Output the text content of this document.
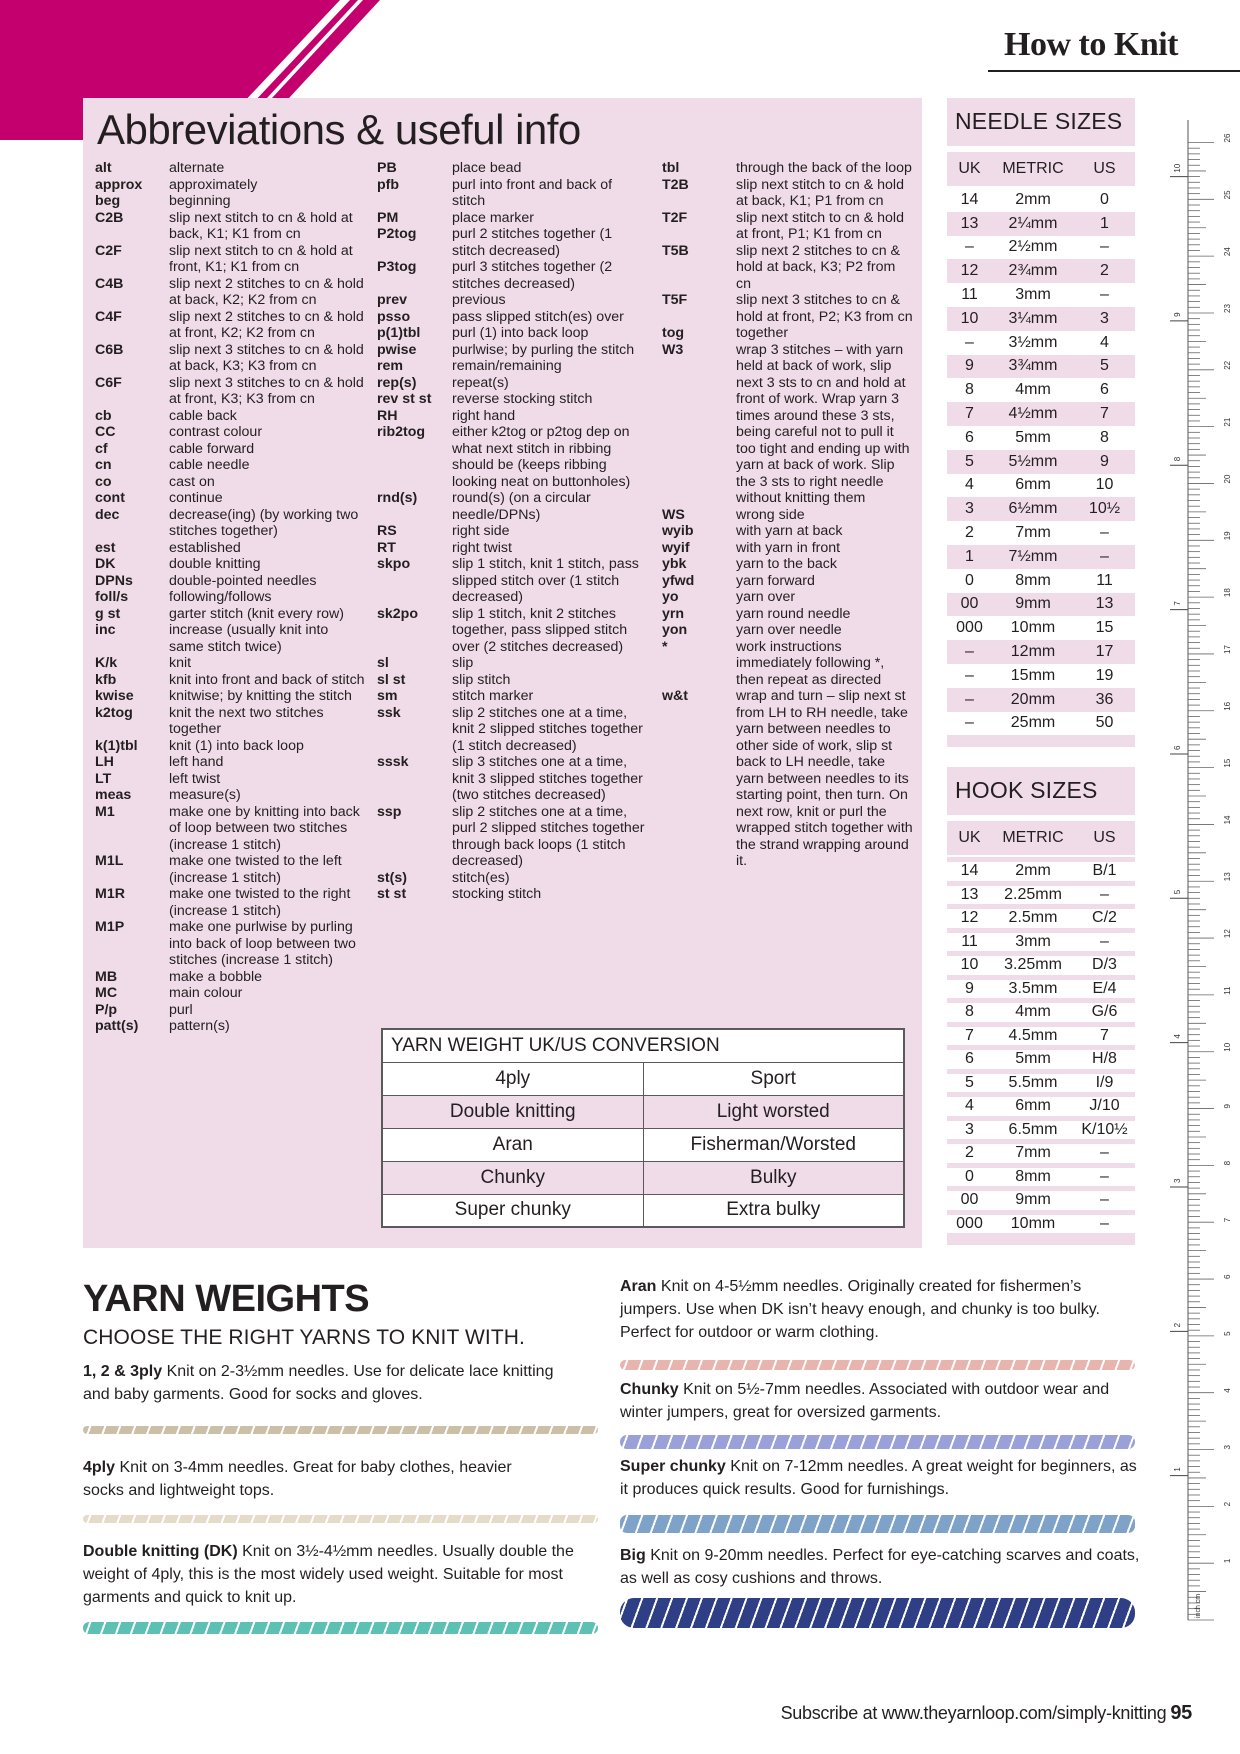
How to Knit
Abbreviations & useful info
alt	alternate
approx	approximately
beg	beginning
C2B	slip next stitch to cn & hold at back, K1; K1 from cn
C2F	slip next stitch to cn & hold at front, K1; K1 from cn
C4B	slip next 2 stitches to cn & hold at back, K2; K2 from cn
C4F	slip next 2 stitches to cn & hold at front, K2; K2 from cn
C6B	slip next 3 stitches to cn & hold at back, K3; K3 from cn
C6F	slip next 3 stitches to cn & hold at front, K3; K3 from cn
cb	cable back
CC	contrast colour
cf	cable forward
cn	cable needle
co	cast on
cont	continue
dec	decrease(ing) (by working two stitches together)
est	established
DK	double knitting
DPNs	double-pointed needles
foll/s	following/follows
g st	garter stitch (knit every row)
inc	increase (usually knit into same stitch twice)
K/k	knit
kfb	knit into front and back of stitch
kwise	knitwise; by knitting the stitch
k2tog	knit the next two stitches together
k(1)tbl	knit (1) into back loop
LH	left hand
LT	left twist
meas	measure(s)
M1	make one by knitting into back of loop between two stitches (increase 1 stitch)
M1L	make one twisted to the left (increase 1 stitch)
M1R	make one twisted to the right (increase 1 stitch)
M1P	make one purlwise by purling into back of loop between two stitches (increase 1 stitch)
MB	make a bobble
MC	main colour
P/p	purl
patt(s)	pattern(s)
PB	place bead
pfb	purl into front and back of stitch
PM	place marker
P2tog	purl 2 stitches together (1 stitch decreased)
P3tog	purl 3 stitches together (2 stitches decreased)
prev	previous
psso	pass slipped stitch(es) over
p(1)tbl	purl (1) into back loop
pwise	purlwise; by purling the stitch
rem	remain/remaining
rep(s)	repeat(s)
rev st st	reverse stocking stitch
RH	right hand
rib2tog	either k2tog or p2tog dep on what next stitch in ribbing should be (keeps ribbing looking neat on buttonholes)
rnd(s)	round(s) (on a circular needle/DPNs)
RS	right side
RT	right twist
skpo	slip 1 stitch, knit 1 stitch, pass slipped stitch over (1 stitch decreased)
sk2po	slip 1 stitch, knit 2 stitches together, pass slipped stitch over (2 stitches decreased)
sl	slip
sl st	slip stitch
sm	stitch marker
ssk	slip 2 stitches one at a time, knit 2 slipped stitches together (1 stitch decreased)
sssk	slip 3 stitches one at a time, knit 3 slipped stitches together (two stitches decreased)
ssp	slip 2 stitches one at a time, purl 2 slipped stitches together through back loops (1 stitch decreased)
st(s)	stitch(es)
st st	stocking stitch
tbl	through the back of the loop
T2B	slip next stitch to cn & hold at back, K1; P1 from cn
T2F	slip next stitch to cn & hold at front, P1; K1 from cn
T5B	slip next 2 stitches to cn & hold at back, K3; P2 from cn
T5F	slip next 3 stitches to cn & hold at front, P2; K3 from cn
tog	together
W3	wrap 3 stitches – with yarn held at back of work, slip next 3 sts to cn and hold at front of work. Wrap yarn 3 times around these 3 sts, being careful not to pull it too tight and ending up with yarn at back of work. Slip the 3 sts to right needle without knitting them
WS	wrong side
wyib	with yarn at back
wyif	with yarn in front
ybk	yarn to the back
yfwd	yarn forward
yo	yarn over
yrn	yarn round needle
yon	yarn over needle
*	work instructions immediately following *, then repeat as directed
w&t	wrap and turn – slip next st from LH to RH needle, take yarn between needles to other side of work, slip st back to LH needle, take yarn between needles to its starting point, then turn. On next row, knit or purl the wrapped stitch together with the strand wrapping around it.
YARN WEIGHT UK/US CONVERSION	
4ply	Sport
Double knitting	Light worsted
Aran	Fisherman/Worsted
Chunky	Bulky
Super chunky	Extra bulky
NEEDLE SIZES
UK	METRIC	US
14	2mm	0
13	2¼mm	1
–	2½mm	–
12	2¾mm	2
11	3mm	–
10	3¼mm	3
–	3½mm	4
9	3¾mm	5
8	4mm	6
7	4½mm	7
6	5mm	8
5	5½mm	9
4	6mm	10
3	6½mm	10½
2	7mm	–
1	7½mm	–
0	8mm	11
00	9mm	13
000	10mm	15
–	12mm	17
–	15mm	19
–	20mm	36
–	25mm	50
HOOK SIZES
UK	METRIC	US
14	2mm	B/1
13	2.25mm	–
12	2.5mm	C/2
11	3mm	–
10	3.25mm	D/3
9	3.5mm	E/4
8	4mm	G/6
7	4.5mm	7
6	5mm	H/8
5	5.5mm	I/9
4	6mm	J/10
3	6.5mm	K/10½
2	7mm	–
0	8mm	–
00	9mm	–
000	10mm	–
1
2
3
4
5
6
7
8
9
10
11
12
13
14
15
16
17
18
19
20
21
22
23
24
25
26
1
2
3
4
5
6
7
8
9
10
inch cm
YARN WEIGHTS
CHOOSE THE RIGHT YARNS TO KNIT WITH.
1, 2 & 3ply Knit on 2-3½mm needles. Use for delicate lace knitting and baby garments. Good for socks and gloves.
4ply Knit on 3-4mm needles. Great for baby clothes, heavier socks and lightweight tops.
Double knitting (DK) Knit on 3½-4½mm needles. Usually double the weight of 4ply, this is the most widely used weight. Suitable for most garments and quick to knit up.
Aran Knit on 4-5½mm needles. Originally created for fishermen’s jumpers. Use when DK isn’t heavy enough, and chunky is too bulky. Perfect for outdoor or warm clothing.
Chunky Knit on 5½-7mm needles. Associated with outdoor wear and winter jumpers, great for oversized garments.
Super chunky Knit on 7-12mm needles. A great weight for beginners, as it produces quick results. Good for furnishings.
Big Knit on 9-20mm needles. Perfect for eye-catching scarves and coats, as well as cosy cushions and throws.
Subscribe at www.theyarnloop.com/simply-knitting 95
